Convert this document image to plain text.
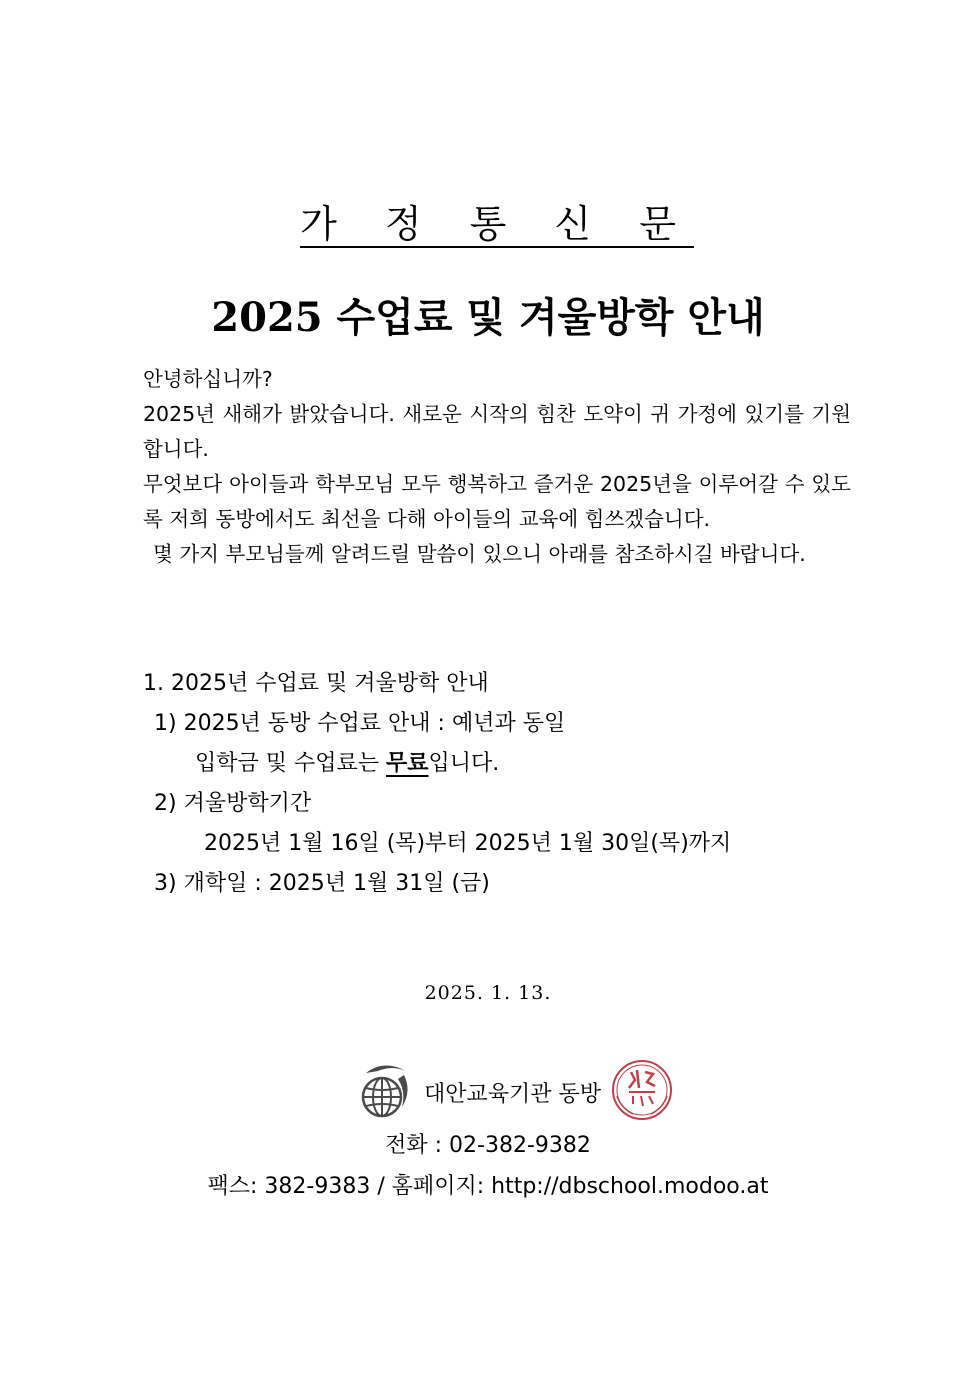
가 정 통 신 문
2025 수업료 및 겨울방학 안내

안녕하십니까?

2025년 새해가 밝았습니다. 새로운 시작의 힘찬 도약이 귀 가정에 있기를 기원합니다.

무엇보다 아이들과 학부모님 모두 행복하고 즐거운 2025년을 이루어갈 수 있도록 저희 동방에서도 최선을 다해 아이들의 교육에 힘쓰겠습니다.

몇 가지 부모님들께 알려드릴 말씀이 있으니 아래를 참조하시길 바랍니다.

1. 2025년 수업료 및 겨울방학 안내
1) 2025년 동방 수업료 안내 : 예년과 동일
입학금 및 수업료는 무료입니다.
2) 겨울방학기간
2025년 1월 16일 (목)부터 2025년 1월 30일(목)까지
3) 개학일 : 2025년 1월 31일 (금)
2025. 1. 13.
대안교육기관 동방
전화 : 02-382-9382
팩스: 382-9383 / 홈페이지: http://dbschool.modoo.at
